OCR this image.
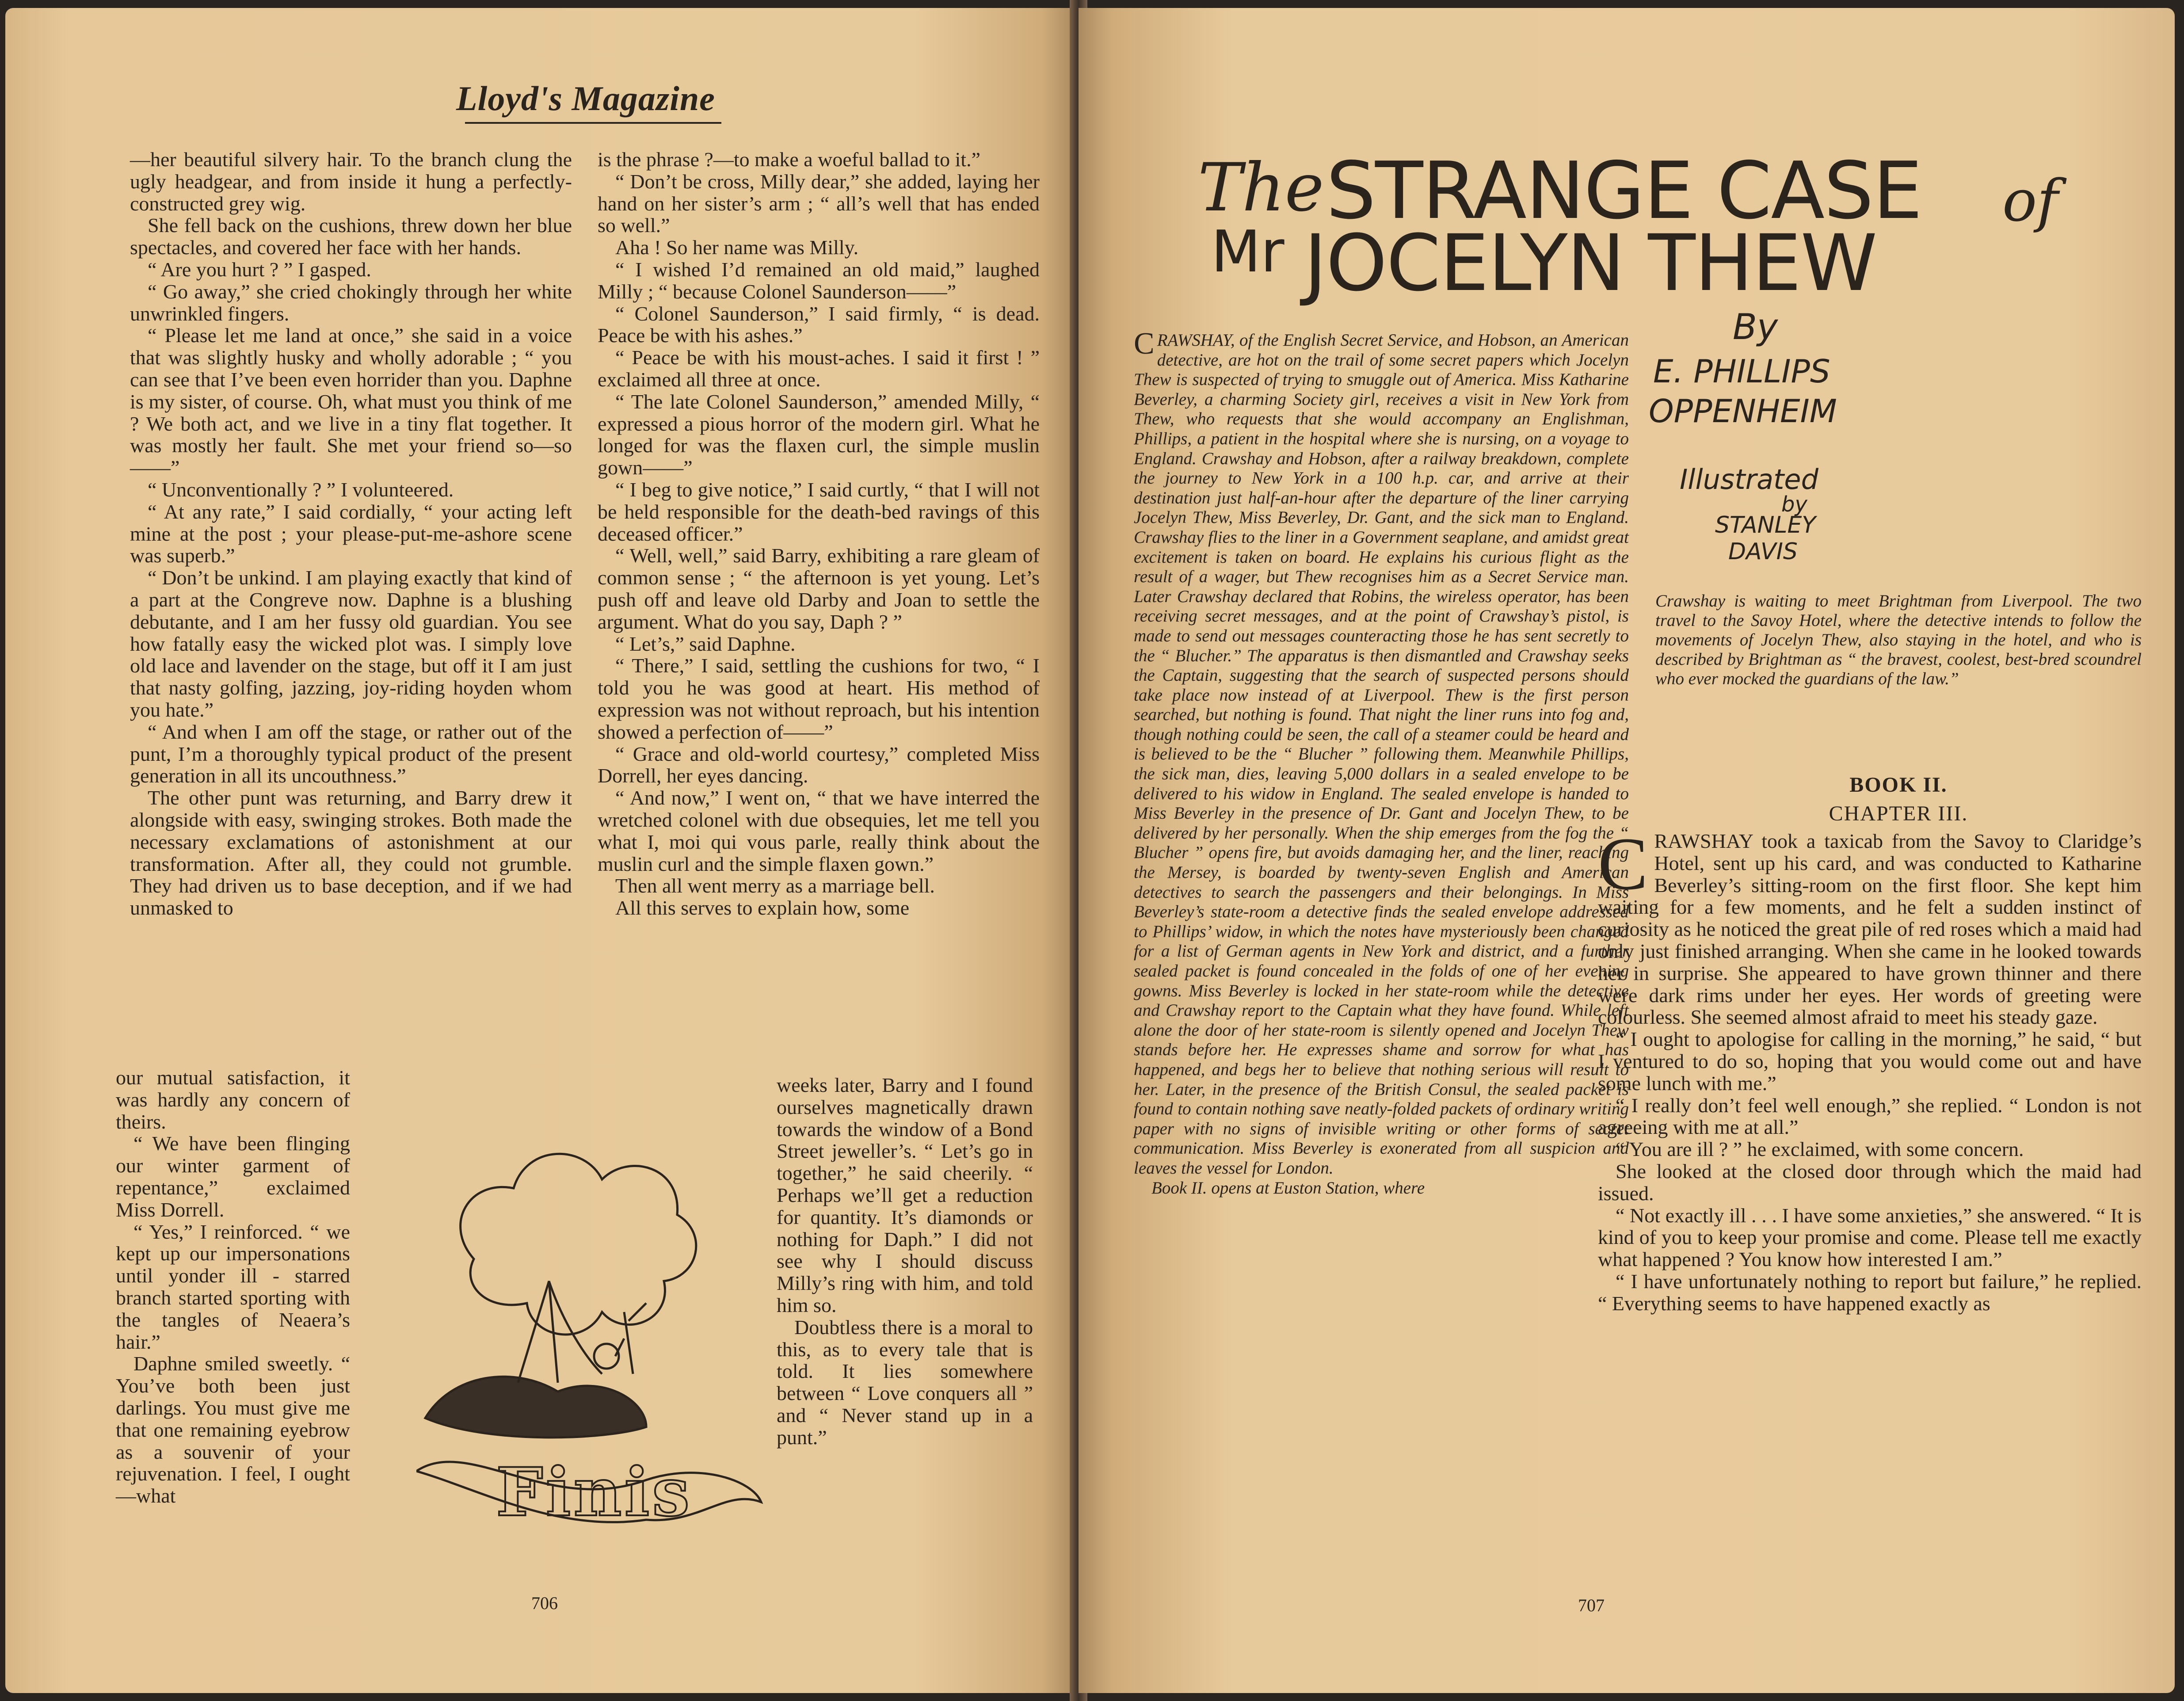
Lloyd's Magazine

—her beautiful silvery hair. To the branch clung the ugly headgear, and from inside it hung a perfectly-constructed grey wig.

She fell back on the cushions, threw down her blue spectacles, and covered her face with her hands.

“ Are you hurt ? ” I gasped.

“ Go away,” she cried chokingly through her white unwrinkled fingers.

“ Please let me land at once,” she said in a voice that was slightly husky and wholly adorable ; “ you can see that I’ve been even horrider than you. Daphne is my sister, of course. Oh, what must you think of me ? We both act, and we live in a tiny flat together. It was mostly her fault. She met your friend so—so——”

“ Unconventionally ? ” I volunteered.

“ At any rate,” I said cordially, “ your acting left mine at the post ; your please-put-me-ashore scene was superb.”

“ Don’t be unkind. I am playing exactly that kind of a part at the Congreve now. Daphne is a blushing debutante, and I am her fussy old guardian. You see how fatally easy the wicked plot was. I simply love old lace and lavender on the stage, but off it I am just that nasty golfing, jazzing, joy-riding hoyden whom you hate.”

“ And when I am off the stage, or rather out of the punt, I’m a thoroughly typical product of the present generation in all its uncouthness.”

The other punt was returning, and Barry drew it alongside with easy, swinging strokes. Both made the necessary exclamations of astonishment at our transformation. After all, they could not grumble. They had driven us to base deception, and if we had unmasked to

our mutual satisfaction, it was hardly any concern of theirs.

“ We have been flinging our winter garment of repentance,” exclaimed Miss Dorrell.

“ Yes,” I reinforced. “ we kept up our impersonations until yonder ill - starred branch started sporting with the tangles of Neaera’s hair.”

Daphne smiled sweetly. “ You’ve both been just darlings. You must give me that one remaining eyebrow as a souvenir of your rejuvenation. I feel, I ought—what

is the phrase ?—to make a woeful ballad to it.”

“ Don’t be cross, Milly dear,” she added, laying her hand on her sister’s arm ; “ all’s well that has ended so well.”

Aha ! So her name was Milly.

“ I wished I’d remained an old maid,” laughed Milly ; “ because Colonel Saunderson——”

“ Colonel Saunderson,” I said firmly, “ is dead. Peace be with his ashes.”

“ Peace be with his moust-aches. I said it first ! ” exclaimed all three at once.

“ The late Colonel Saunderson,” amended Milly, “ expressed a pious horror of the modern girl. What he longed for was the flaxen curl, the simple muslin gown——”

“ I beg to give notice,” I said curtly, “ that I will not be held responsible for the death-bed ravings of this deceased officer.”

“ Well, well,” said Barry, exhibiting a rare gleam of common sense ; “ the afternoon is yet young. Let’s push off and leave old Darby and Joan to settle the argument. What do you say, Daph ? ”

“ Let’s,” said Daphne.

“ There,” I said, settling the cushions for two, “ I told you he was good at heart. His method of expression was not without reproach, but his intention showed a perfection of——”

“ Grace and old-world courtesy,” completed Miss Dorrell, her eyes dancing.

“ And now,” I went on, “ that we have interred the wretched colonel with due obsequies, let me tell you what I, moi qui vous parle, really think about the muslin curl and the simple flaxen gown.”

Then all went merry as a marriage bell.

All this serves to explain how, some

weeks later, Barry and I found ourselves magnetically drawn towards the window of a Bond Street jeweller’s. “ Let’s go in together,” he said cheerily. “ Perhaps we’ll get a reduction for quantity. It’s diamonds or nothing for Daph.” I did not see why I should discuss Milly’s ring with him, and told him so.

Doubtless there is a moral to this, as to every tale that is told. It lies somewhere between “ Love conquers all ” and “ Never stand up in a punt.”

Finis
706
The STRANGE CASE of
Mr JOCELYN THEW
By
E. PHILLIPS
OPPENHEIM
Illustrated
by
STANLEY
DAVIS
CRAWSHAY, of the English Secret Service, and Hobson, an American detective, are hot on the trail of some secret papers which Jocelyn Thew is suspected of trying to smuggle out of America. Miss Katharine Beverley, a charming Society girl, receives a visit in New York from Thew, who requests that she would accompany an Englishman, Phillips, a patient in the hospital where she is nursing, on a voyage to England. Crawshay and Hobson, after a railway breakdown, complete the journey to New York in a 100 h.p. car, and arrive at their destination just half-an-hour after the departure of the liner carrying Jocelyn Thew, Miss Beverley, Dr. Gant, and the sick man to England. Crawshay flies to the liner in a Government seaplane, and amidst great excitement is taken on board. He explains his curious flight as the result of a wager, but Thew recognises him as a Secret Service man. Later Crawshay declared that Robins, the wireless operator, has been receiving secret messages, and at the point of Crawshay’s pistol, is made to send out messages counteracting those he has sent secretly to the “ Blucher.” The apparatus is then dismantled and Crawshay seeks the Captain, suggesting that the search of suspected persons should take place now instead of at Liverpool. Thew is the first person searched, but nothing is found. That night the liner runs into fog and, though nothing could be seen, the call of a steamer could be heard and is believed to be the “ Blucher ” following them. Meanwhile Phillips, the sick man, dies, leaving 5,000 dollars in a sealed envelope to be delivered to his widow in England. The sealed envelope is handed to Miss Beverley in the presence of Dr. Gant and Jocelyn Thew, to be delivered by her personally. When the ship emerges from the fog the “ Blucher ” opens fire, but avoids damaging her, and the liner, reaching the Mersey, is boarded by twenty-seven English and American detectives to search the passengers and their belongings. In Miss Beverley’s state-room a detective finds the sealed envelope addressed to Phillips’ widow, in which the notes have mysteriously been changed for a list of German agents in New York and district, and a further sealed packet is found concealed in the folds of one of her evening gowns. Miss Beverley is locked in her state-room while the detective and Crawshay report to the Captain what they have found. While left alone the door of her state-room is silently opened and Jocelyn Thew stands before her. He expresses shame and sorrow for what has happened, and begs her to believe that nothing serious will result to her. Later, in the presence of the British Consul, the sealed packet is found to contain nothing save neatly-folded packets of ordinary writing paper with no signs of invisible writing or other forms of secret communication. Miss Beverley is exonerated from all suspicion and leaves the vessel for London.
Book II. opens at Euston Station, where
Crawshay is waiting to meet Brightman from Liverpool. The two travel to the Savoy Hotel, where the detective intends to follow the movements of Jocelyn Thew, also staying in the hotel, and who is described by Brightman as “ the bravest, coolest, best-bred scoundrel who ever mocked the guardians of the law.”
BOOK II.
CHAPTER III.
C RAWSHAY took a taxicab from the Savoy to Claridge’s Hotel, sent up his card, and was conducted to Katharine Beverley’s sitting-room on the first floor. She kept him waiting for a few moments, and he felt a sudden instinct of curiosity as he noticed the great pile of red roses which a maid had only just finished arranging. When she came in he looked towards her in surprise. She appeared to have grown thinner and there were dark rims under her eyes. Her words of greeting were colourless. She seemed almost afraid to meet his steady gaze.

“ I ought to apologise for calling in the morning,” he said, “ but I ventured to do so, hoping that you would come out and have some lunch with me.”

“ I really don’t feel well enough,” she replied. “ London is not agreeing with me at all.”

“ You are ill ? ” he exclaimed, with some concern.

She looked at the closed door through which the maid had issued.

“ Not exactly ill . . . I have some anxieties,” she answered. “ It is kind of you to keep your promise and come. Please tell me exactly what happened ? You know how interested I am.”

“ I have unfortunately nothing to report but failure,” he replied. “ Everything seems to have happened exactly as

707
